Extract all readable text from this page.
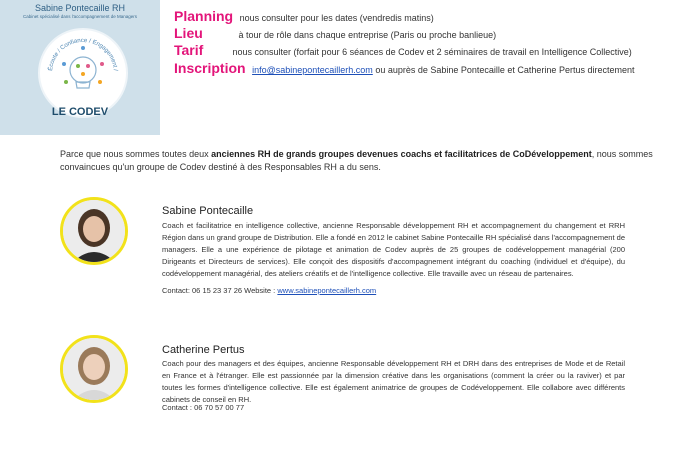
Sabine Pontecaille RH
Cabinet spécialisé dans l'accompagnement de Managers
Écoute / Confiance / Engagement /
LE CODEV
Planning nous consulter pour les dates (vendredis matins)
Lieu	à tour de rôle dans chaque entreprise (Paris ou proche banlieue)
Tarif	nous consulter (forfait pour 6 séances de Codev et 2 séminaires de travail en Intelligence Collective)
Inscription info@sabinepontecaillerh.com ou auprès de Sabine Pontecaille et Catherine Pertus directement
Parce que nous sommes toutes deux anciennes RH de grands groupes devenues coachs et facilitatrices de CoDéveloppement, nous sommes convaincues qu'un groupe de Codev destiné à des Responsables RH a du sens.
Sabine Pontecaille
Coach et facilitatrice en intelligence collective, ancienne Responsable développement RH et accompagnement du changement et RRH Région dans un grand groupe de Distribution. Elle a fondé en 2012 le cabinet Sabine Pontecaille RH spécialisé dans l'accompagnement de managers. Elle a une expérience de pilotage et animation de Codev auprès de 25 groupes de codéveloppement managérial (200 Dirigeants et Directeurs de services). Elle conçoit des dispositifs d'accompagnement intégrant du coaching (individuel et d'équipe), du codéveloppement managérial, des ateliers créatifs et de l'intelligence collective. Elle travaille avec un réseau de partenaires.
Contact: 06 15 23 37 26 Website : www.sabinepontecaillerh.com
Catherine Pertus
Coach pour des managers et des équipes, ancienne Responsable développement RH et DRH dans des entreprises de Mode et de Retail en France et à l'étranger. Elle est passionnée par la dimension créative dans les organisations (comment la créer ou la raviver) et par toutes les formes d'intelligence collective. Elle est également animatrice de groupes de Codéveloppement. Elle collabore avec différents cabinets de conseil en RH.
Contact : 06 70 57 00 77
